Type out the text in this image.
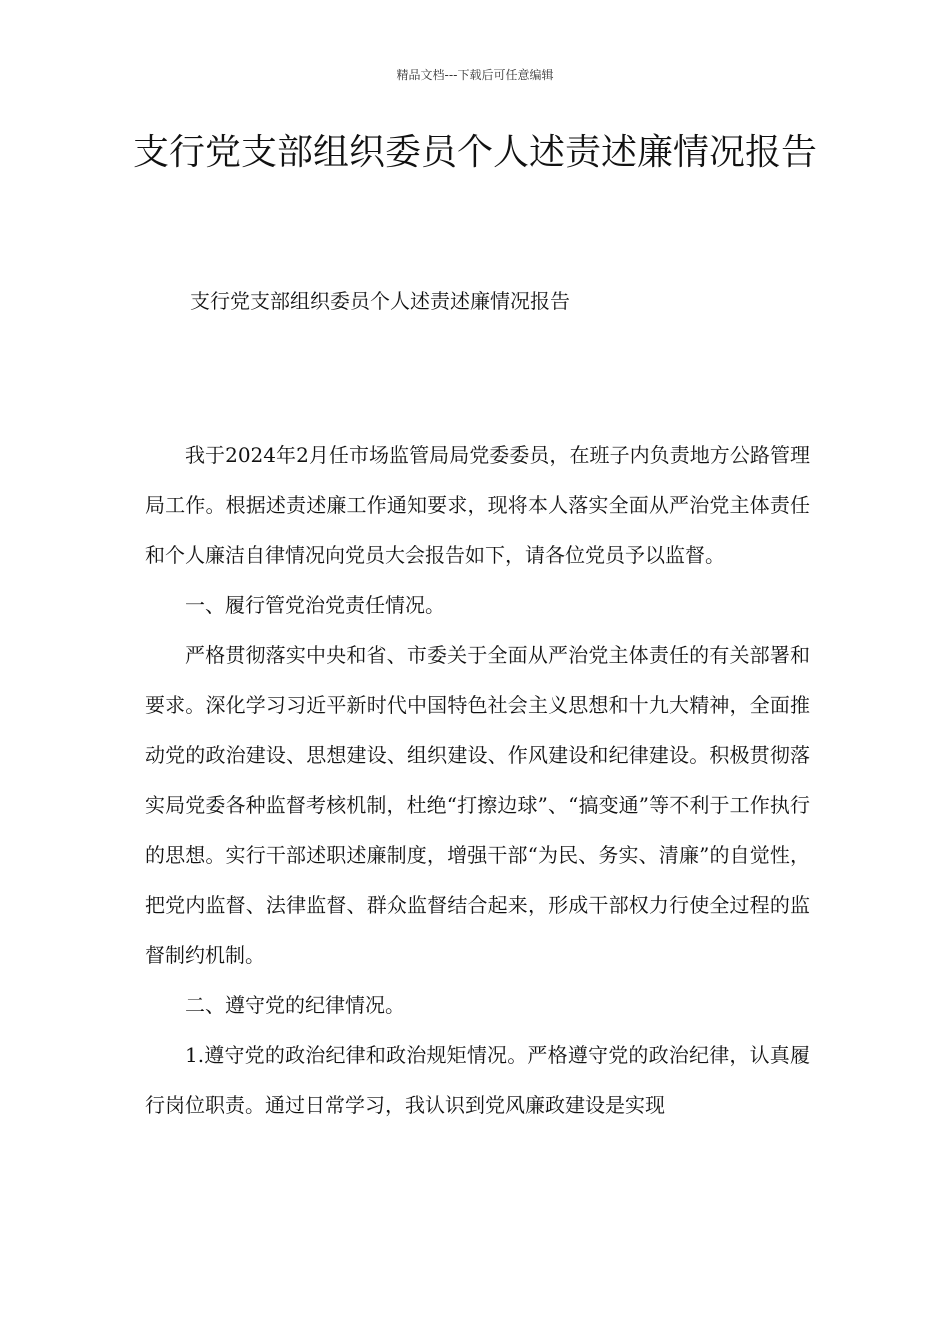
精品文档---下载后可任意编辑
支行党支部组织委员个人述责述廉情况报告

支行党支部组织委员个人述责述廉情况报告

我于2024年2月任市场监管局局党委委员，在班子内负责地方公路管理局工作。根据述责述廉工作通知要求，现将本人落实全面从严治党主体责任和个人廉洁自律情况向党员大会报告如下，请各位党员予以监督。

一、履行管党治党责任情况。

严格贯彻落实中央和省、市委关于全面从严治党主体责任的有关部署和要求。深化学习习近平新时代中国特色社会主义思想和十九大精神，全面推动党的政治建设、思想建设、组织建设、作风建设和纪律建设。积极贯彻落实局党委各种监督考核机制，杜绝“打擦边球”、“搞变通”等不利于工作执行的思想。实行干部述职述廉制度，增强干部“为民、务实、清廉”的自觉性，把党内监督、法律监督、群众监督结合起来，形成干部权力行使全过程的监督制约机制。

二、遵守党的纪律情况。

1.遵守党的政治纪律和政治规矩情况。严格遵守党的政治纪律，认真履行岗位职责。通过日常学习，我认识到党风廉政建设是实现
